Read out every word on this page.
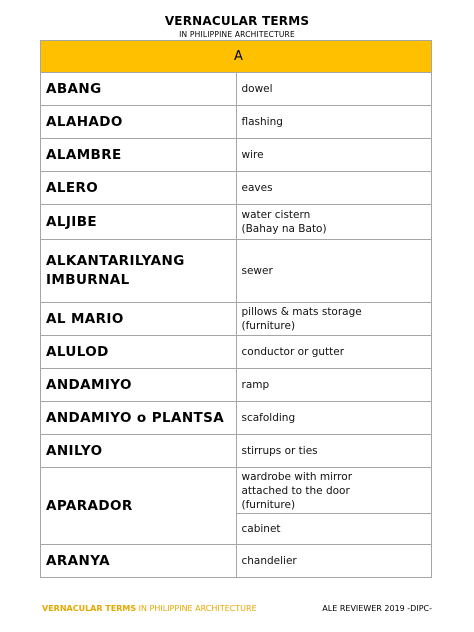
VERNACULAR TERMS
IN PHILIPPINE ARCHITECTURE
A	
ABANG	dowel
ALAHADO	flashing
ALAMBRE	wire
ALERO	eaves
ALJIBE	water cistern
(Bahay na Bato)
ALKANTARILYANG
IMBURNAL	sewer
AL MARIO	pillows & mats storage
(furniture)
ALULOD	conductor or gutter
ANDAMIYO	ramp
ANDAMIYO o PLANTSA	scafolding
ANILYO	stirrups or ties
APARADOR	wardrobe with mirror
attached to the door
(furniture)
	cabinet
ARANYA	chandelier
VERNACULAR TERMS IN PHILIPPINE ARCHITECTURE	ALE REVIEWER 2019 -DIPC-
